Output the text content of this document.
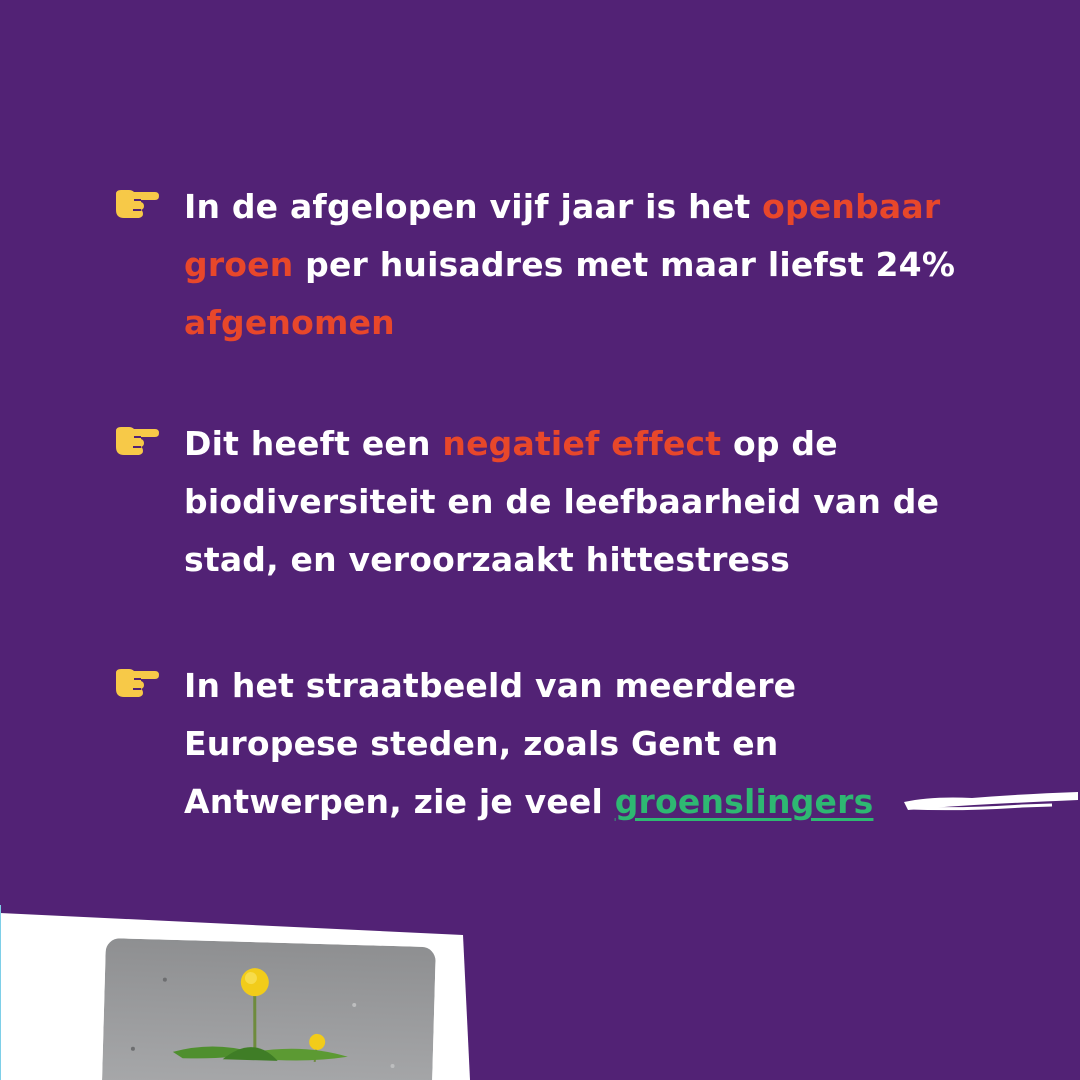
In de afgelopen vijf jaar is het openbaar groen per huisadres met maar liefst 24% afgenomen
Dit heeft een negatief effect op de biodiversiteit en de leefbaarheid van de stad, en veroorzaakt hittestress
In het straatbeeld van meerdere Europese steden, zoals Gent en Antwerpen, zie je veel groenslingers
